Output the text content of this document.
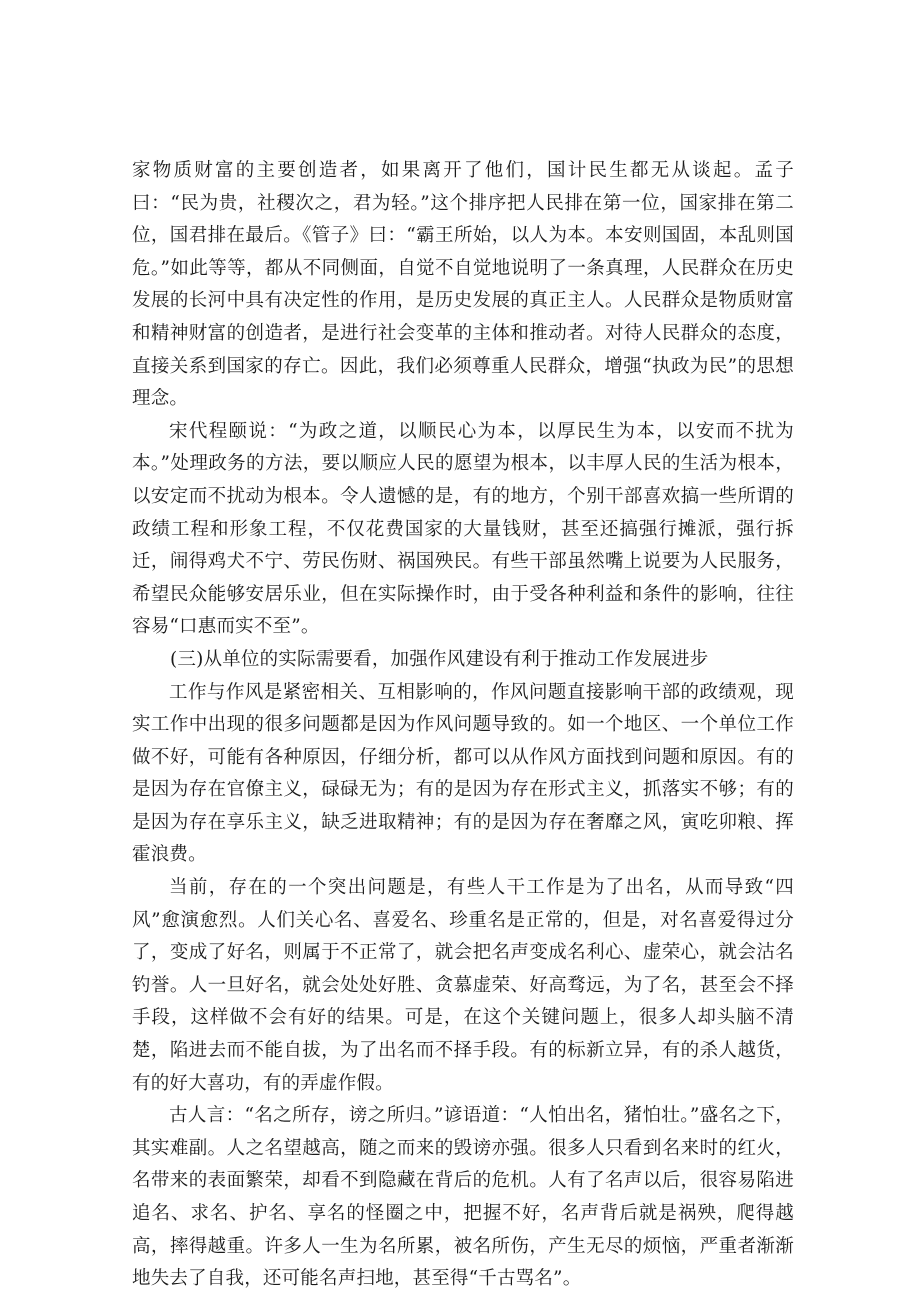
家物质财富的主要创造者，如果离开了他们，国计民生都无从谈起。孟子曰：“民为贵，社稷次之，君为轻。”这个排序把人民排在第一位，国家排在第二位，国君排在最后。《管子》曰：“霸王所始，以人为本。本安则国固，本乱则国危。”如此等等，都从不同侧面，自觉不自觉地说明了一条真理，人民群众在历史发展的长河中具有决定性的作用，是历史发展的真正主人。人民群众是物质财富和精神财富的创造者，是进行社会变革的主体和推动者。对待人民群众的态度，直接关系到国家的存亡。因此，我们必须尊重人民群众，增强“执政为民”的思想理念。

宋代程颐说：“为政之道，以顺民心为本，以厚民生为本，以安而不扰为本。”处理政务的方法，要以顺应人民的愿望为根本，以丰厚人民的生活为根本，以安定而不扰动为根本。令人遗憾的是，有的地方，个别干部喜欢搞一些所谓的政绩工程和形象工程，不仅花费国家的大量钱财，甚至还搞强行摊派，强行拆迁，闹得鸡犬不宁、劳民伤财、祸国殃民。有些干部虽然嘴上说要为人民服务，希望民众能够安居乐业，但在实际操作时，由于受各种利益和条件的影响，往往容易“口惠而实不至”。

(三)从单位的实际需要看，加强作风建设有利于推动工作发展进步

工作与作风是紧密相关、互相影响的，作风问题直接影响干部的政绩观，现实工作中出现的很多问题都是因为作风问题导致的。如一个地区、一个单位工作做不好，可能有各种原因，仔细分析，都可以从作风方面找到问题和原因。有的是因为存在官僚主义，碌碌无为；有的是因为存在形式主义，抓落实不够；有的是因为存在享乐主义，缺乏进取精神；有的是因为存在奢靡之风，寅吃卯粮、挥霍浪费。

当前，存在的一个突出问题是，有些人干工作是为了出名，从而导致“四风”愈演愈烈。人们关心名、喜爱名、珍重名是正常的，但是，对名喜爱得过分了，变成了好名，则属于不正常了，就会把名声变成名利心、虚荣心，就会沽名钓誉。人一旦好名，就会处处好胜、贪慕虚荣、好高骛远，为了名，甚至会不择手段，这样做不会有好的结果。可是，在这个关键问题上，很多人却头脑不清楚，陷进去而不能自拔，为了出名而不择手段。有的标新立异，有的杀人越货，有的好大喜功，有的弄虚作假。

古人言：“名之所存，谤之所归。”谚语道：“人怕出名，猪怕壮。”盛名之下，其实难副。人之名望越高，随之而来的毁谤亦强。很多人只看到名来时的红火，名带来的表面繁荣，却看不到隐藏在背后的危机。人有了名声以后，很容易陷进追名、求名、护名、享名的怪圈之中，把握不好，名声背后就是祸殃，爬得越高，摔得越重。许多人一生为名所累，被名所伤，产生无尽的烦恼，严重者渐渐地失去了自我，还可能名声扫地，甚至得“千古骂名”。
